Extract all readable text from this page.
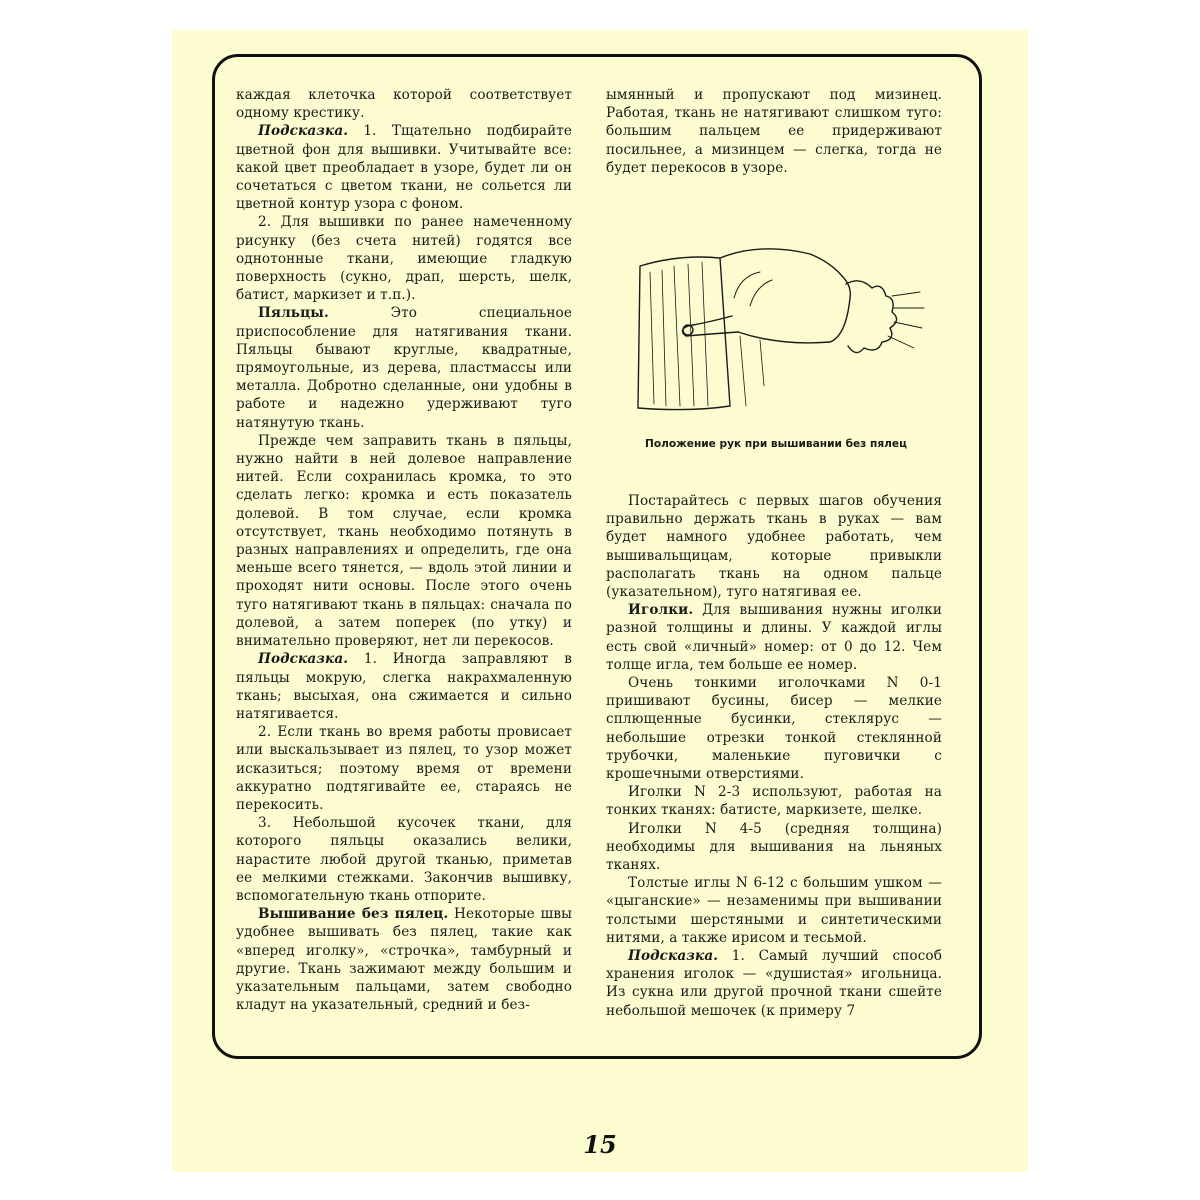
каждая клеточка которой соответствует одному крестику.

Подсказка. 1. Тщательно подбирайте цветной фон для вышивки. Учитывайте все: какой цвет преобладает в узоре, будет ли он сочетаться с цветом ткани, не сольется ли цветной контур узора с фоном.

2. Для вышивки по ранее намеченному рисунку (без счета нитей) годятся все однотонные ткани, имеющие гладкую поверхность (сукно, драп, шерсть, шелк, батист, маркизет и т.п.).

Пяльцы. Это специальное приспособление для натягивания ткани. Пяльцы бывают круглые, квадратные, прямоугольные, из дерева, пластмассы или металла. Добротно сделанные, они удобны в работе и надежно удерживают туго натянутую ткань.

Прежде чем заправить ткань в пяльцы, нужно найти в ней долевое направление нитей. Если сохранилась кромка, то это сделать легко: кромка и есть показатель долевой. В том случае, если кромка отсутствует, ткань необходимо потянуть в разных направлениях и определить, где она меньше всего тянется, — вдоль этой линии и проходят нити основы. После этого очень туго натягивают ткань в пяльцах: сначала по долевой, а затем поперек (по утку) и внимательно проверяют, нет ли перекосов.

Подсказка. 1. Иногда заправляют в пяльцы мокрую, слегка накрахмаленную ткань; высыхая, она сжимается и сильно натягивается.

2. Если ткань во время работы провисает или выскальзывает из пялец, то узор может исказиться; поэтому время от времени аккуратно подтягивайте ее, стараясь не перекосить.

3. Небольшой кусочек ткани, для которого пяльцы оказались велики, нарастите любой другой тканью, приметав ее мелкими стежками. Закончив вышивку, вспомогательную ткань отпорите.

Вышивание без пялец. Некоторые швы удобнее вышивать без пялец, такие как «вперед иголку», «строчка», тамбурный и другие. Ткань зажимают между большим и указательным пальцами, затем свободно кладут на указательный, средний и без-

ымянный и пропускают под мизинец. Работая, ткань не натягивают слишком туго: большим пальцем ее придерживают посильнее, а мизинцем — слегка, тогда не будет перекосов в узоре.

Положение рук при вышивании без пялец

Постарайтесь с первых шагов обучения правильно держать ткань в руках — вам будет намного удобнее работать, чем вышивальщицам, которые привыкли располагать ткань на одном пальце (указательном), туго натягивая ее.

Иголки. Для вышивания нужны иголки разной толщины и длины. У каждой иглы есть свой «личный» номер: от 0 до 12. Чем толще игла, тем больше ее номер.

Очень тонкими иголочками N 0-1 пришивают бусины, бисер — мелкие сплющенные бусинки, стеклярус — небольшие отрезки тонкой стеклянной трубочки, маленькие пуговички с крошечными отверстиями.

Иголки N 2-3 используют, работая на тонких тканях: батисте, маркизете, шелке.

Иголки N 4-5 (средняя толщина) необходимы для вышивания на льняных тканях.

Толстые иглы N 6-12 с большим ушком — «цыганские» — незаменимы при вышивании толстыми шерстяными и синтетическими нитями, а также ирисом и тесьмой.

Подсказка. 1. Самый лучший способ хранения иголок — «душистая» игольница. Из сукна или другой прочной ткани сшейте небольшой мешочек (к примеру 7

15
